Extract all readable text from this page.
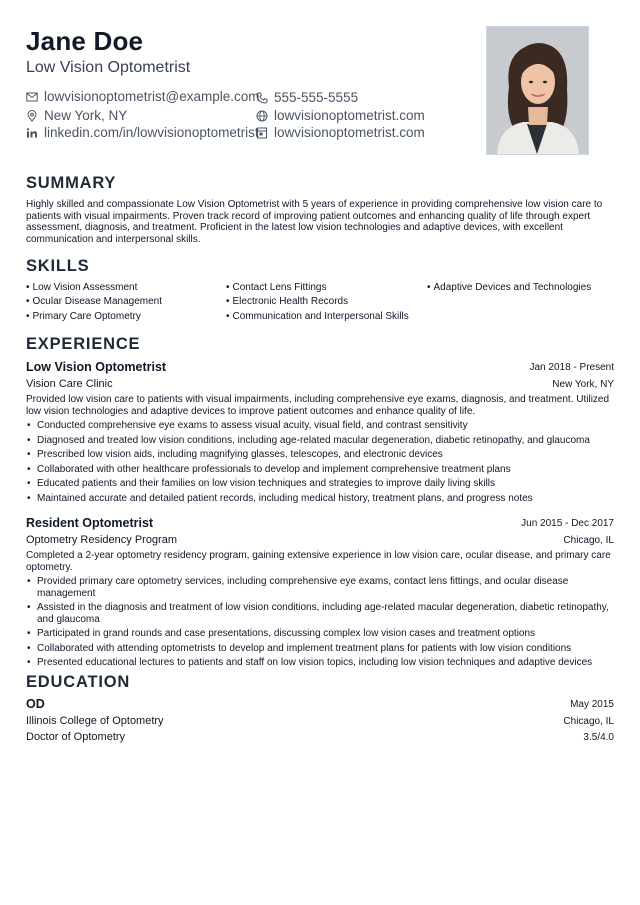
Jane Doe
Low Vision Optometrist
lowvisionoptometrist@example.com 555-555-5555
New York, NY	lowvisionoptometrist.com
linkedin.com/in/lowvisionoptometrist lowvisionoptometrist.com
SUMMARY
Highly skilled and compassionate Low Vision Optometrist with 5 years of experience in providing comprehensive low vision care to patients with visual impairments. Proven track record of improving patient outcomes and enhancing quality of life through expert assessment, diagnosis, and treatment. Proficient in the latest low vision technologies and adaptive devices, with excellent communication and interpersonal skills.
SKILLS
• Low Vision Assessment	• Contact Lens Fittings	• Adaptive Devices and Technologies
• Ocular Disease Management	• Electronic Health Records
• Primary Care Optometry	• Communication and Interpersonal Skills
EXPERIENCE
Low Vision Optometrist	Jan 2018 - Present
Vision Care Clinic	New York, NY
Provided low vision care to patients with visual impairments, including comprehensive eye exams, diagnosis, and treatment. Utilized low vision technologies and adaptive devices to improve patient outcomes and enhance quality of life.
• Conducted comprehensive eye exams to assess visual acuity, visual field, and contrast sensitivity
• Diagnosed and treated low vision conditions, including age-related macular degeneration, diabetic retinopathy, and glaucoma
• Prescribed low vision aids, including magnifying glasses, telescopes, and electronic devices
• Collaborated with other healthcare professionals to develop and implement comprehensive treatment plans
• Educated patients and their families on low vision techniques and strategies to improve daily living skills
• Maintained accurate and detailed patient records, including medical history, treatment plans, and progress notes
Resident Optometrist	Jun 2015 - Dec 2017
Optometry Residency Program	Chicago, IL
Completed a 2-year optometry residency program, gaining extensive experience in low vision care, ocular disease, and primary care optometry.
• Provided primary care optometry services, including comprehensive eye exams, contact lens fittings, and ocular disease management
• Assisted in the diagnosis and treatment of low vision conditions, including age-related macular degeneration, diabetic retinopathy, and glaucoma
• Participated in grand rounds and case presentations, discussing complex low vision cases and treatment options
• Collaborated with attending optometrists to develop and implement treatment plans for patients with low vision conditions
• Presented educational lectures to patients and staff on low vision topics, including low vision techniques and adaptive devices
EDUCATION
OD	May 2015
Illinois College of Optometry	Chicago, IL
Doctor of Optometry	3.5/4.0
